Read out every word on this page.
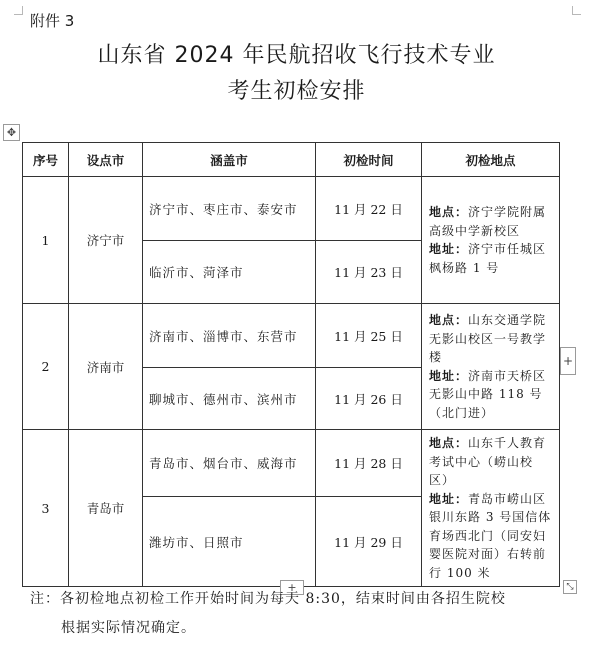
附件 3
山东省 2024 年民航招收飞行技术专业
考生初检安排
✥
序号	设点市	涵盖市	初检时间	初检地点
1	济宁市	济宁市、枣庄市、泰安市	11 月 22 日	地点：济宁学院附属高级中学新校区
地址：济宁市任城区枫杨路 1 号
		临沂市、菏泽市	11 月 23 日	
2	济南市	济南市、淄博市、东营市	11 月 25 日	地点：山东交通学院无影山校区一号教学楼
地址：济南市天桥区无影山中路 118 号（北门进）
		聊城市、德州市、滨州市	11 月 26 日	
3	青岛市	青岛市、烟台市、威海市	11 月 28 日	地点：山东千人教育考试中心（崂山校区）
地址：青岛市崂山区银川东路 3 号国信体育场西北门（同安妇婴医院对面）右转前行 100 米
		潍坊市、日照市	11 月 29 日	
+
+	⤡
注：各初检地点初检工作开始时间为每天 8:30，结束时间由各招生院校
根据实际情况确定。
